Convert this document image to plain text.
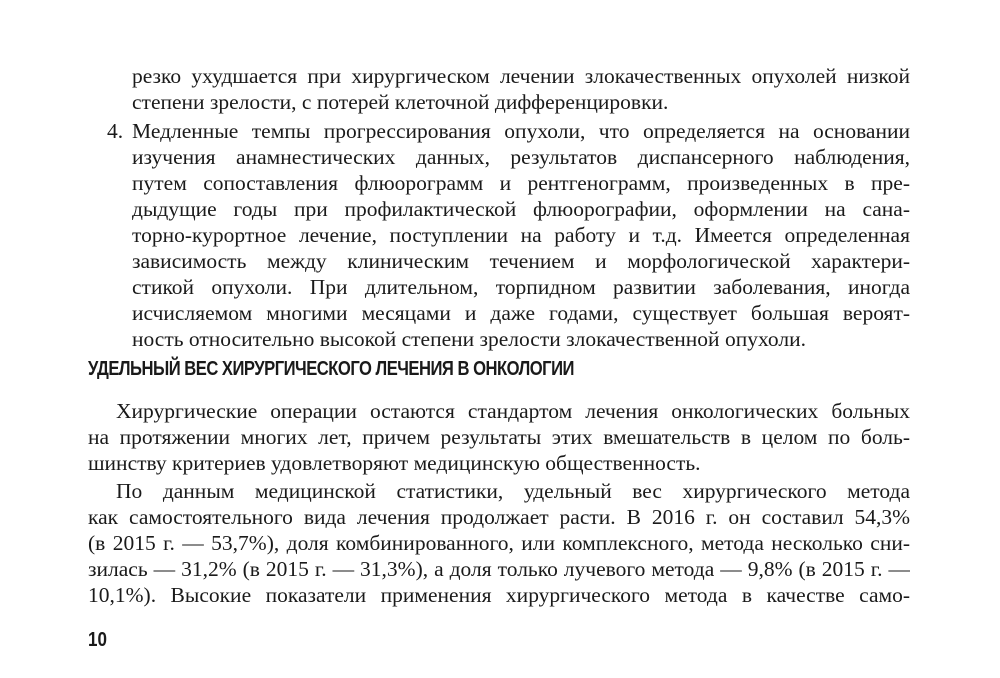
резко ухудшается при хирургическом лечении злокачественных опухолей низкой
степени зрелости, с потерей клеточной дифференцировки.
4. Медленные темпы прогрессирования опухоли, что определяется на основании
изучения анамнестических данных, результатов диспансерного наблюдения,
путем сопоставления флюорограмм и рентгенограмм, произведенных в пре-
дыдущие годы при профилактической флюорографии, оформлении на сана-
торно-курортное лечение, поступлении на работу и т.д. Имеется определенная
зависимость между клиническим течением и морфологической характери-
стикой опухоли. При длительном, торпидном развитии заболевания, иногда
исчисляемом многими месяцами и даже годами, существует большая вероят-
ность относительно высокой степени зрелости злокачественной опухоли.
УДЕЛЬНЫЙ ВЕС ХИРУРГИЧЕСКОГО ЛЕЧЕНИЯ В ОНКОЛОГИИ
Хирургические операции остаются стандартом лечения онкологических больных
на протяжении многих лет, причем результаты этих вмешательств в целом по боль-
шинству критериев удовлетворяют медицинскую общественность.
По данным медицинской статистики, удельный вес хирургического метода
как самостоятельного вида лечения продолжает расти. В 2016 г. он составил 54,3%
(в 2015 г. — 53,7%), доля комбинированного, или комплексного, метода несколько сни-
зилась — 31,2% (в 2015 г. — 31,3%), а доля только лучевого метода — 9,8% (в 2015 г. —
10,1%). Высокие показатели применения хирургического метода в качестве само-
10
